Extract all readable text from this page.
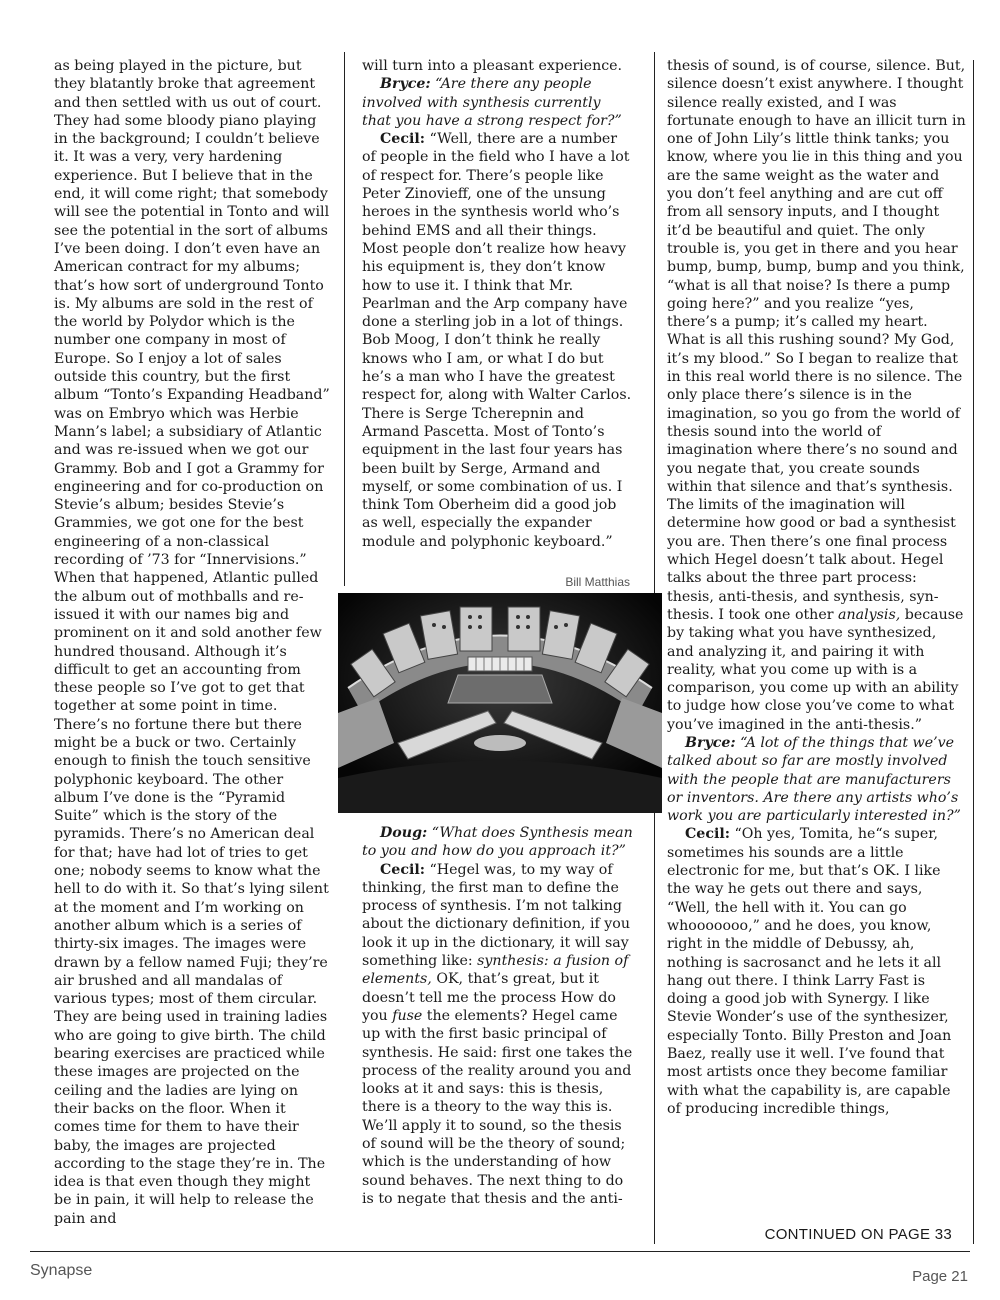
as being played in the picture, but they blatantly broke that agreement and then settled with us out of court. They had some bloody piano playing in the background; I couldn’t believe it. It was a very, very hardening experience. But I believe that in the end, it will come right; that somebody will see the potential in Tonto and will see the potential in the sort of albums I’ve been doing. I don’t even have an American contract for my albums; that’s how sort of underground Tonto is. My albums are sold in the rest of the world by Polydor which is the number one company in most of Europe. So I enjoy a lot of sales outside this country, but the first album “Tonto’s Expanding Headband” was on Embryo which was Herbie Mann’s label; a subsidiary of Atlantic and was re-issued when we got our Grammy. Bob and I got a Grammy for engineering and for co-production on Stevie’s album; besides Stevie’s Grammies, we got one for the best engineering of a non-classical recording of ’73 for “Innervisions.” When that happened, Atlantic pulled the album out of mothballs and re-issued it with our names big and prominent on it and sold another few hundred thousand. Although it’s difficult to get an accounting from these people so I’ve got to get that together at some point in time. There’s no fortune there but there might be a buck or two. Certainly enough to finish the touch sensitive polyphonic keyboard. The other album I’ve done is the “Pyramid Suite” which is the story of the pyramids. There’s no American deal for that; have had lot of tries to get one; nobody seems to know what the hell to do with it. So that’s lying silent at the moment and I’m working on another album which is a series of thirty-six images. The images were drawn by a fellow named Fuji; they’re air brushed and all mandalas of various types; most of them circular. They are being used in training ladies who are going to give birth. The child bearing exercises are practiced while these images are projected on the ceiling and the ladies are lying on their backs on the floor. When it comes time for them to have their baby, the images are projected according to the stage they’re in. The idea is that even though they might be in pain, it will help to release the pain and

will turn into a pleasant experience.

Bryce: “Are there any people involved with synthesis currently that you have a strong respect for?”

Cecil: “Well, there are a number of people in the field who I have a lot of respect for. There’s people like Peter Zinovieff, one of the unsung heroes in the synthesis world who’s behind EMS and all their things. Most people don’t realize how heavy his equipment is, they don’t know how to use it. I think that Mr. Pearlman and the Arp company have done a sterling job in a lot of things. Bob Moog, I don’t think he really knows who I am, or what I do but he’s a man who I have the greatest respect for, along with Walter Carlos. There is Serge Tcherepnin and Armand Pascetta. Most of Tonto’s equipment in the last four years has been built by Serge, Armand and myself, or some combination of us. I think Tom Oberheim did a good job as well, especially the expander module and polyphonic keyboard.”

Bill Matthias

Doug: “What does Synthesis mean to you and how do you approach it?”

Cecil: “Hegel was, to my way of thinking, the first man to define the process of synthesis. I’m not talking about the dictionary definition, if you look it up in the dictionary, it will say something like: synthesis: a fusion of elements, OK, that’s great, but it doesn’t tell me the process How do you fuse the elements? Hegel came up with the first basic principal of synthesis. He said: first one takes the process of the reality around you and looks at it and says: this is thesis, there is a theory to the way this is. We’ll apply it to sound, so the thesis of sound will be the theory of sound; which is the understanding of how sound behaves. The next thing to do is to negate that thesis and the anti-

thesis of sound, is of course, silence. But, silence doesn’t exist anywhere. I thought silence really existed, and I was fortunate enough to have an illicit turn in one of John Lily’s little think tanks; you know, where you lie in this thing and you are the same weight as the water and you don’t feel anything and are cut off from all sensory inputs, and I thought it’d be beautiful and quiet. The only trouble is, you get in there and you hear bump, bump, bump, bump and you think, “what is all that noise? Is there a pump going here?” and you realize “yes, there’s a pump; it’s called my heart. What is all this rushing sound? My God, it’s my blood.” So I began to realize that in this real world there is no silence. The only place there’s silence is in the imagination, so you go from the world of thesis sound into the world of imagination where there’s no sound and you negate that, you create sounds within that silence and that’s synthesis. The limits of the imagination will determine how good or bad a synthesist you are. Then there’s one final process which Hegel doesn’t talk about. Hegel talks about the three part process: thesis, anti-thesis, and synthesis, syn-thesis. I took one other analysis, because by taking what you have synthesized, and analyzing it, and pairing it with reality, what you come up with is a comparison, you come up with an ability to judge how close you’ve come to what you’ve imagined in the anti-thesis.”

Bryce: “A lot of the things that we’ve talked about so far are mostly involved with the people that are manufacturers or inventors. Are there any artists who’s work you are particularly interested in?”

Cecil: “Oh yes, Tomita, he“s super, sometimes his sounds are a little electronic for me, but that’s OK. I like the way he gets out there and says, “Well, the hell with it. You can go whooooooo,” and he does, you know, right in the middle of Debussy, ah, nothing is sacrosanct and he lets it all hang out there. I think Larry Fast is doing a good job with Synergy. I like Stevie Wonder’s use of the synthesizer, especially Tonto. Billy Preston and Joan Baez, really use it well. I’ve found that most artists once they become familiar with what the capability is, are capable of producing incredible things,

CONTINUED ON PAGE 33
Synapse	Page 21
